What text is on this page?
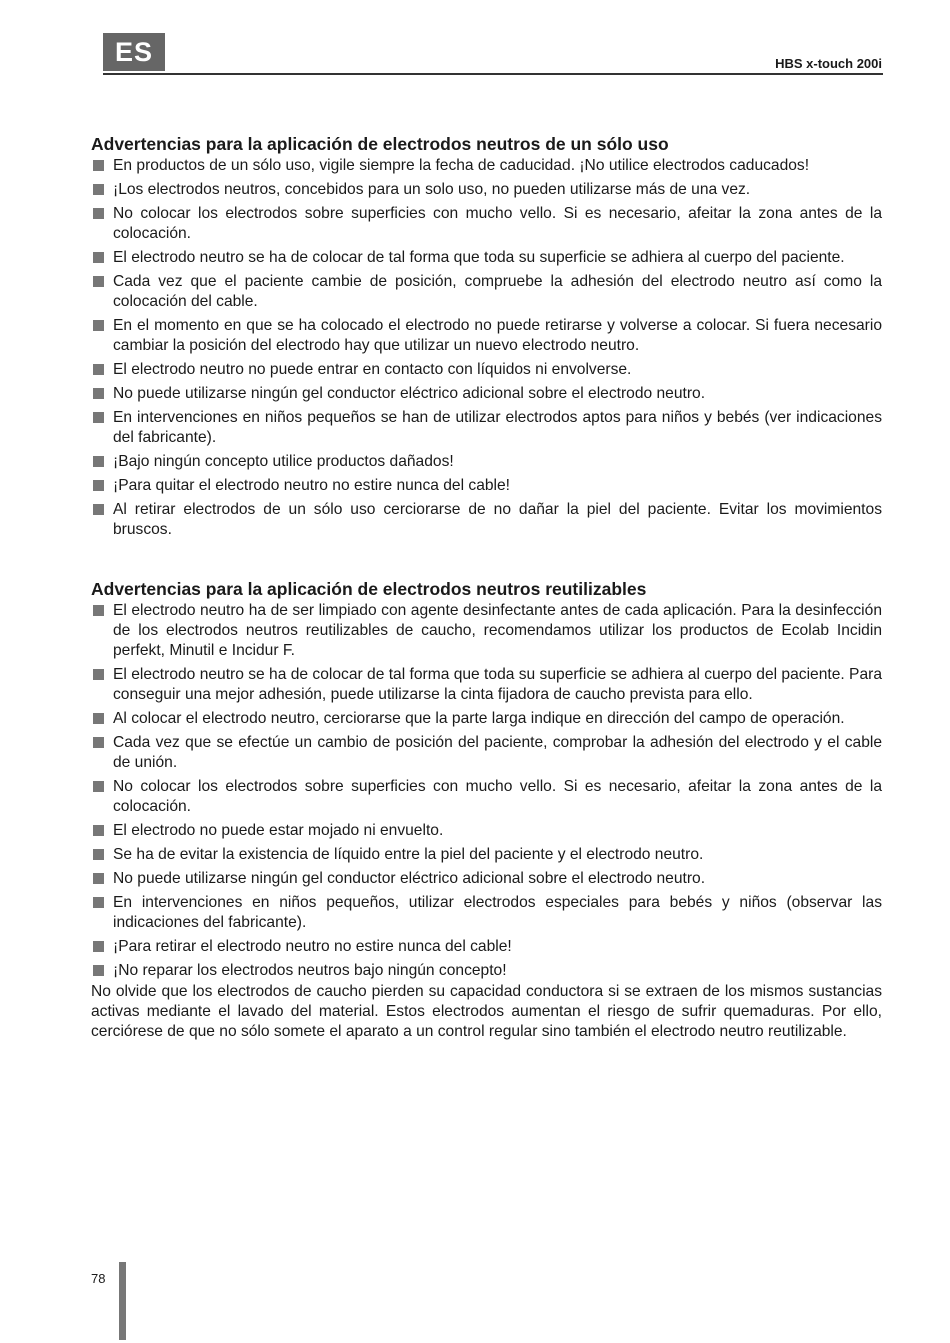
ES	HBS x-touch 200i
Advertencias para la aplicación de electrodos neutros de un sólo uso
En productos de un sólo uso, vigile siempre la fecha de caducidad. ¡No utilice electrodos caducados!
¡Los electrodos neutros, concebidos para un solo uso, no pueden utilizarse más de una vez.
No colocar los electrodos sobre superficies con mucho vello. Si es necesario, afeitar la zona antes de la colocación.
El electrodo neutro se ha de colocar de tal forma que toda su superficie se adhiera al cuerpo del paciente.
Cada vez que el paciente cambie de posición, compruebe la adhesión del electrodo neutro así como la colocación del cable.
En el momento en que se ha colocado el electrodo no puede retirarse y volverse a colocar. Si fuera necesario cambiar la posición del electrodo hay que utilizar un nuevo electrodo neutro.
El electrodo neutro no puede entrar en contacto con líquidos ni envolverse.
No puede utilizarse ningún gel conductor eléctrico adicional sobre el electrodo neutro.
En intervenciones en niños pequeños se han de utilizar electrodos aptos para niños y bebés (ver indicaciones del fabricante).
¡Bajo ningún concepto utilice productos dañados!
¡Para quitar el electrodo neutro no estire nunca del cable!
Al retirar electrodos de un sólo uso cerciorarse de no dañar la piel del paciente. Evitar los movimientos bruscos.
Advertencias para la aplicación de electrodos neutros reutilizables
El electrodo neutro ha de ser limpiado con agente desinfectante antes de cada aplicación. Para la desinfección de los electrodos neutros reutilizables de caucho, recomendamos utilizar los productos de Ecolab Incidin perfekt, Minutil e Incidur F.
El electrodo neutro se ha de colocar de tal forma que toda su superficie se adhiera al cuerpo del paciente. Para conseguir una mejor adhesión, puede utilizarse la cinta fijadora de caucho prevista para ello.
Al colocar el electrodo neutro, cerciorarse que la parte larga indique en dirección del campo de operación.
Cada vez que se efectúe un cambio de posición del paciente, comprobar la adhesión del electrodo y el cable de unión.
No colocar los electrodos sobre superficies con mucho vello. Si es necesario, afeitar la zona antes de la colocación.
El electrodo no puede estar mojado ni envuelto.
Se ha de evitar la existencia de líquido entre la piel del paciente y el electrodo neutro.
No puede utilizarse ningún gel conductor eléctrico adicional sobre el electrodo neutro.
En intervenciones en niños pequeños, utilizar electrodos especiales para bebés y niños (observar las indicaciones del fabricante).
¡Para retirar el electrodo neutro no estire nunca del cable!
¡No reparar los electrodos neutros bajo ningún concepto!

No olvide que los electrodos de caucho pierden su capacidad conductora si se extraen de los mismos sustancias activas mediante el lavado del material. Estos electrodos aumentan el riesgo de sufrir quemaduras. Por ello, cerciórese de que no sólo somete el aparato a un control regular sino también el electrodo neutro reutilizable.

78
